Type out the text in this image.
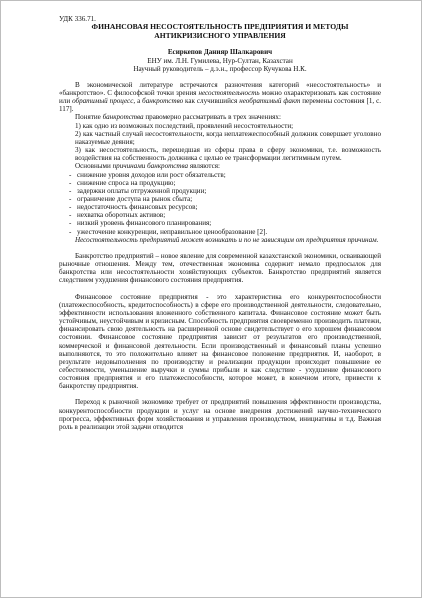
УДК 336.71.

ФИНАНСОВАЯ НЕСОСТОЯТЕЛЬНОСТЬ ПРЕДПРИЯТИЯ И МЕТОДЫ
АНТИКРИЗИСНОГО УПРАВЛЕНИЯ

Есиркепов Данияр Шалкарович

ЕНУ им. Л.Н. Гумилева, Нур-Султан, Казахстан

Научный руководитель – д.э.н., профессор Кучукова Н.К.

В экономической литературе встречаются разночтения категорий «несостоятельность» и «банкротство». С философской точки зрения несостоятельность можно охарактеризовать как состояние или обратимый процесс, а банкротство как случившийся необратимый факт перемены состояния [1, с. 117].

Понятие банкротства правомерно рассматривать в трех значениях:

1) как одно из возможных последствий, проявлений несостоятельности;
2) как частный случай несостоятельности, когда неплатежеспособный должник совершает уголовно наказуемые деяния;
3) как несостоятельность, перешедшая из сферы права в сферу экономики, т.е. возможность воздействия на собственность должника с целью ее трансформации легитимным путем.

Основными причинами банкротства являются:

- снижение уровня доходов или рост обязательств;
- снижение спроса на продукцию;
- задержки оплаты отгруженной продукции;
- ограничение доступа на рынок сбыта;
- недостаточность финансовых ресурсов;
- нехватка оборотных активов;
- низкий уровень финансового планирования;
- ужесточение конкуренции, неправильное ценообразование [2].

Несостоятельность предприятий может возникать и по не зависящим от предприятия причинам.

Банкротство предприятий – новое явление для современной казахстанской экономики, осваивающей рыночные отношения. Между тем, отечественная экономика содержит немало предпосылок для банкротства или несостоятельности хозяйствующих субъектов. Банкротство предприятий является следствием ухудшения финансового состояния предприятия.

Финансовое состояние предприятия - это характеристика его конкурентоспособности (платежеспособность, кредитоспособность) в сфере его производственной деятельности, следовательно, эффективности использования вложенного собственного капитала. Финансовое состояние может быть устойчивым, неустойчивым и кризисным. Способность предприятия своевременно производить платежи, финансировать свою деятельность на расширенной основе свидетельствует о его хорошем финансовом состоянии. Финансовое состояние предприятия зависит от результатов его производственной, коммерческой и финансовой деятельности. Если производственный и финансовый планы успешно выполняются, то это положительно влияет на финансовое положение предприятия. И, наоборот, в результате недовыполнения по производству и реализации продукции происходит повышение ее себестоимости, уменьшение выручки и суммы прибыли и как следствие - ухудшение финансового состояния предприятия и его платежеспособности, которое может, в конечном итоге, привести к банкротству предприятия.

Переход к рыночной экономике требует от предприятий повышения эффективности производства, конкурентоспособности продукции и услуг на основе внедрения достижений научно-технического прогресса, эффективных форм хозяйствования и управления производством, инициативы и т.д. Важная роль в реализации этой задачи отводится
